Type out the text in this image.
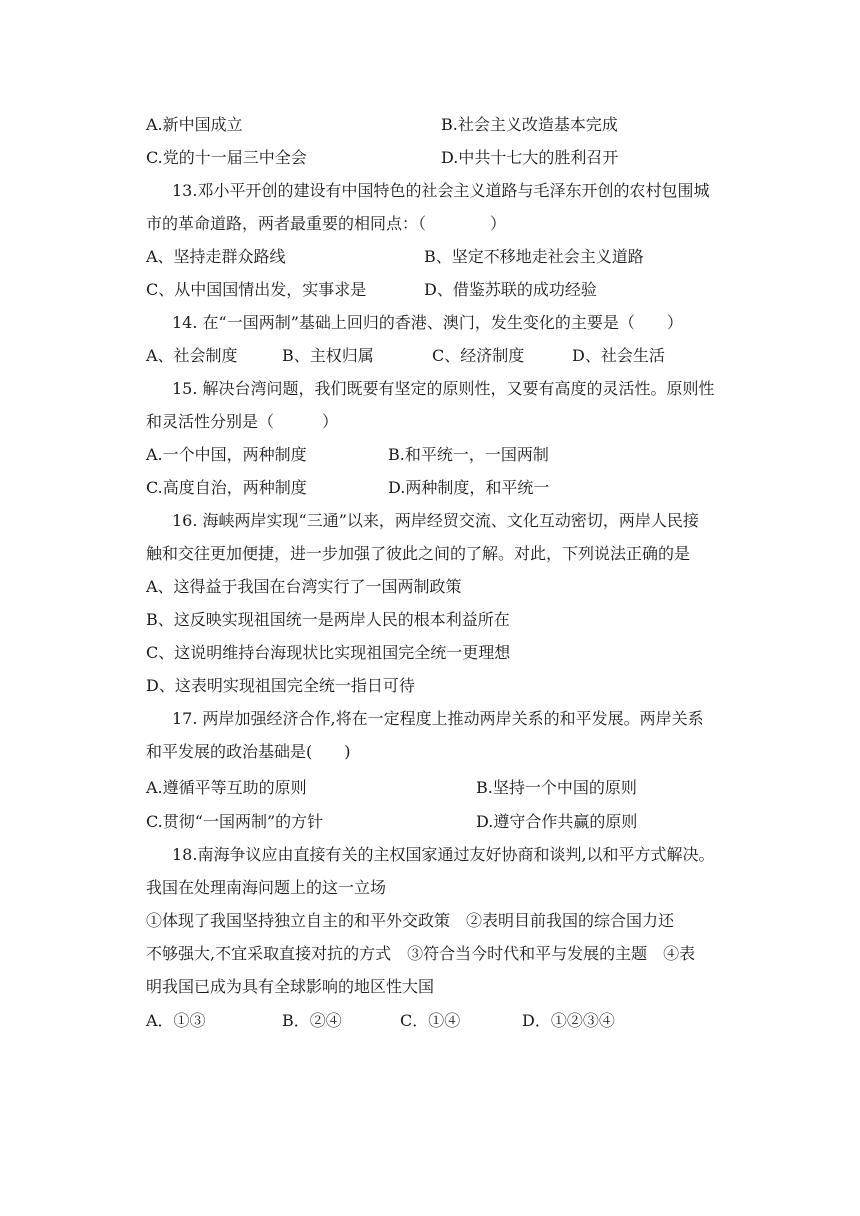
A.新中国成立	B.社会主义改造基本完成
C.党的十一届三中全会	D.中共十七大的胜利召开
13.邓小平开创的建设有中国特色的社会主义道路与毛泽东开创的农村包围城
市的革命道路，两者最重要的相同点：（　　　　）
A、坚持走群众路线	B、坚定不移地走社会主义道路
C、从中国国情出发，实事求是	D、借鉴苏联的成功经验
14. 在“一国两制”基础上回归的香港、澳门，发生变化的主要是（　　）
A、社会制度	B、主权归属	C、经济制度	D、社会生活
15. 解决台湾问题，我们既要有坚定的原则性，又要有高度的灵活性。原则性
和灵活性分别是（　　　）
A.一个中国，两种制度	B.和平统一，一国两制
C.高度自治，两种制度	D.两种制度，和平统一
16. 海峡两岸实现“三通”以来，两岸经贸交流、文化互动密切，两岸人民接
触和交往更加便捷，进一步加强了彼此之间的了解。对此，下列说法正确的是
A、这得益于我国在台湾实行了一国两制政策
B、这反映实现祖国统一是两岸人民的根本利益所在
C、这说明维持台海现状比实现祖国完全统一更理想
D、这表明实现祖国完全统一指日可待
17. 两岸加强经济合作,将在一定程度上推动两岸关系的和平发展。两岸关系
和平发展的政治基础是(　　)
A.遵循平等互助的原则	B.坚持一个中国的原则
C.贯彻“一国两制”的方针	D.遵守合作共赢的原则
18.南海争议应由直接有关的主权国家通过友好协商和谈判,以和平方式解决。
我国在处理南海问题上的这一立场
①体现了我国坚持独立自主的和平外交政策　②表明目前我国的综合国力还
不够强大,不宜采取直接对抗的方式　③符合当今时代和平与发展的主题　④表
明我国已成为具有全球影响的地区性大国
A．①③	B．②④	C．①④	D．①②③④
